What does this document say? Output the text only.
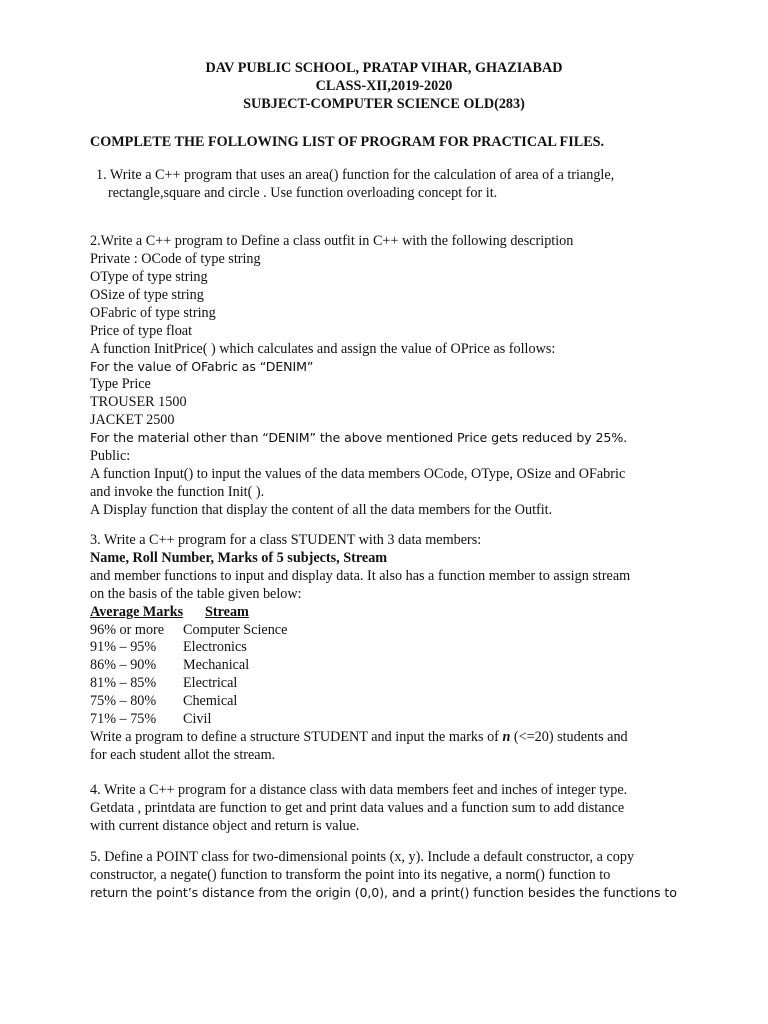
DAV PUBLIC SCHOOL, PRATAP VIHAR, GHAZIABAD
CLASS-XII,2019-2020
SUBJECT-COMPUTER SCIENCE OLD(283)
COMPLETE THE FOLLOWING LIST OF PROGRAM FOR PRACTICAL FILES.
1. Write a C++ program that uses an area() function for the calculation of area of a triangle,
rectangle,square and circle . Use function overloading concept for it.
2.Write a C++ program to Define a class outfit in C++ with the following description
Private : OCode of type string
OType of type string
OSize of type string
OFabric of type string
Price of type float
A function InitPrice( ) which calculates and assign the value of OPrice as follows:
For the value of OFabric as “DENIM”
Type Price
TROUSER 1500
JACKET 2500
For the material other than “DENIM” the above mentioned Price gets reduced by 25%.
Public:
A function Input() to input the values of the data members OCode, OType, OSize and OFabric
and invoke the function Init( ).
A Display function that display the content of all the data members for the Outfit.
3. Write a C++ program for a class STUDENT with 3 data members:
Name, Roll Number, Marks of 5 subjects, Stream
and member functions to input and display data. It also has a function member to assign stream
on the basis of the table given below:
Average Marks Stream
96% or more Computer Science
91% – 95% Electronics
86% – 90% Mechanical
81% – 85% Electrical
75% – 80% Chemical
71% – 75% Civil
Write a program to define a structure STUDENT and input the marks of n (<=20) students and
for each student allot the stream.
4. Write a C++ program for a distance class with data members feet and inches of integer type.
Getdata , printdata are function to get and print data values and a function sum to add distance
with current distance object and return is value.
5. Define a POINT class for two-dimensional points (x, y). Include a default constructor, a copy
constructor, a negate() function to transform the point into its negative, a norm() function to
return the point’s distance from the origin (0,0), and a print() function besides the functions to
